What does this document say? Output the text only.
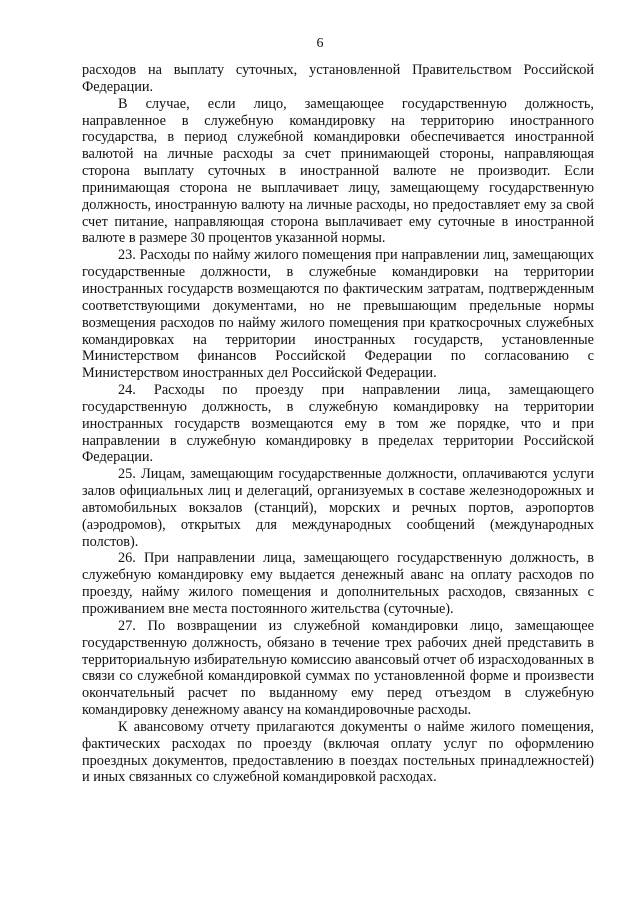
6

расходов на выплату суточных, установленной Правительством Российской Федерации.

В случае, если лицо, замещающее государственную должность, направленное в служебную командировку на территорию иностранного государства, в период служебной командировки обеспечивается иностранной валютой на личные расходы за счет принимающей стороны, направляющая сторона выплату суточных в иностранной валюте не производит. Если принимающая сторона не выплачивает лицу, замещающему государственную должность, иностранную валюту на личные расходы, но предоставляет ему за свой счет питание, направляющая сторона выплачивает ему суточные в иностранной валюте в размере 30 процентов указанной нормы.

23. Расходы по найму жилого помещения при направлении лиц, замещающих государственные должности, в служебные командировки на территории иностранных государств возмещаются по фактическим затратам, подтвержденным соответствующими документами, но не превышающим предельные нормы возмещения расходов по найму жилого помещения при краткосрочных служебных командировках на территории иностранных государств, установленные Министерством финансов Российской Федерации по согласованию с Министерством иностранных дел Российской Федерации.

24. Расходы по проезду при направлении лица, замещающего государственную должность, в служебную командировку на территории иностранных государств возмещаются ему в том же порядке, что и при направлении в служебную командировку в пределах территории Российской Федерации.

25. Лицам, замещающим государственные должности, оплачиваются услуги залов официальных лиц и делегаций, организуемых в составе железнодорожных и автомобильных вокзалов (станций), морских и речных портов, аэропортов (аэродромов), открытых для международных сообщений (международных полстов).

26. При направлении лица, замещающего государственную должность, в служебную командировку ему выдается денежный аванс на оплату расходов по проезду, найму жилого помещения и дополнительных расходов, связанных с проживанием вне места постоянного жительства (суточные).

27. По возвращении из служебной командировки лицо, замещающее государственную должность, обязано в течение трех рабочих дней представить в территориальную избирательную комиссию авансовый отчет об израсходованных в связи со служебной командировкой суммах по установленной форме и произвести окончательный расчет по выданному ему перед отъездом в служебную командировку денежному авансу на командировочные расходы.

К авансовому отчету прилагаются документы о найме жилого помещения, фактических расходах по проезду (включая оплату услуг по оформлению проездных документов, предоставлению в поездах постельных принадлежностей) и иных связанных со служебной командировкой расходах.
